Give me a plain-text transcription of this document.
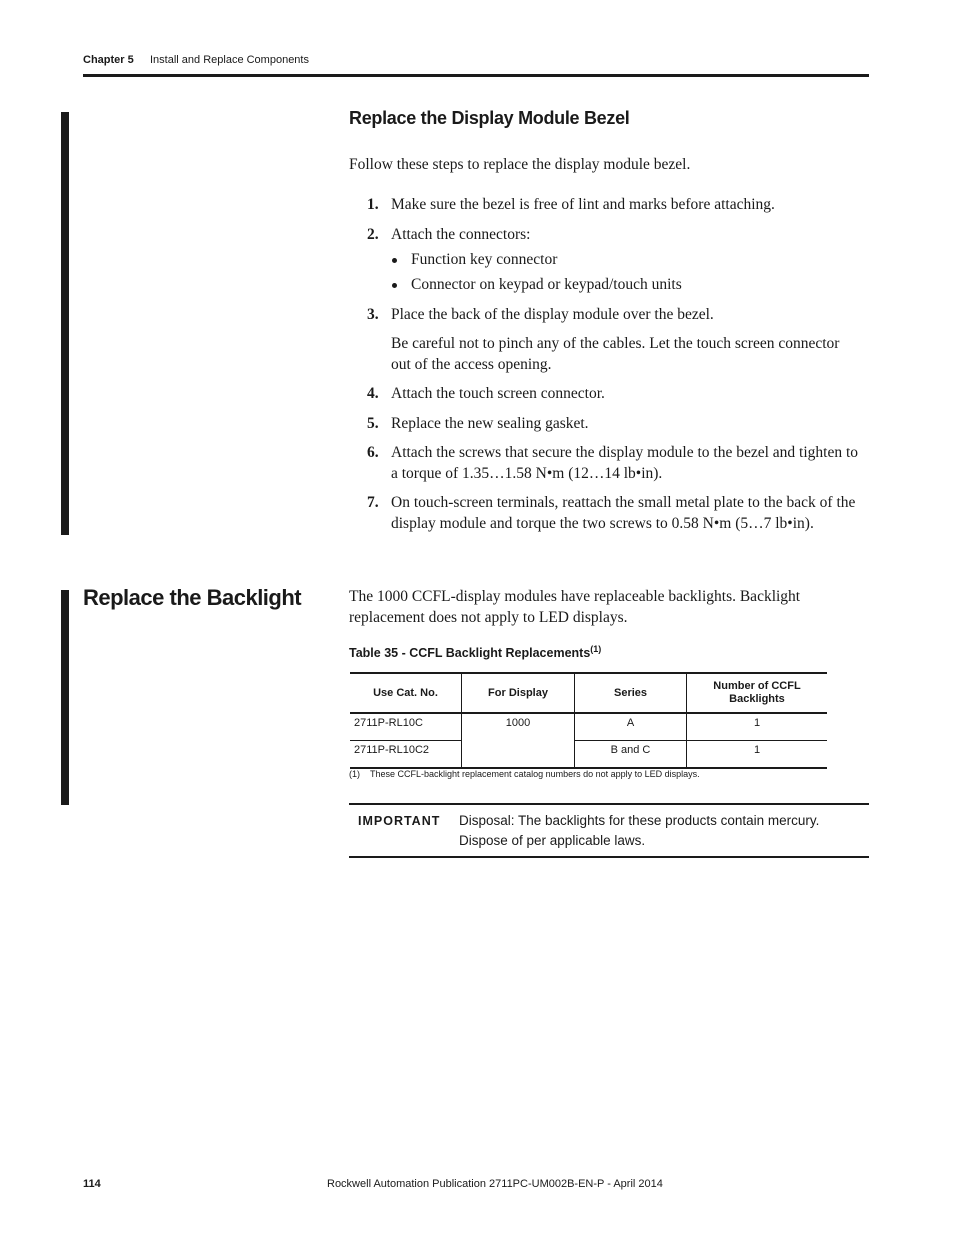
Chapter 5 Install and Replace Components
Replace the Display Module Bezel
Follow these steps to replace the display module bezel.
1. Make sure the bezel is free of lint and marks before attaching.
2. Attach the connectors:
Function key connector
Connector on keypad or keypad/touch units
3. Place the back of the display module over the bezel.
Be careful not to pinch any of the cables. Let the touch screen connector out of the access opening.
4. Attach the touch screen connector.
5. Replace the new sealing gasket.
6. Attach the screws that secure the display module to the bezel and tighten to a torque of 1.35…1.58 N•m (12…14 lb•in).
7. On touch-screen terminals, reattach the small metal plate to the back of the display module and torque the two screws to 0.58 N•m (5…7 lb•in).
Replace the Backlight	The 1000 CCFL-display modules have replaceable backlights. Backlight replacement does not apply to LED displays.
Table 35 - CCFL Backlight Replacements$^{(1)}$
Use Cat. No.	For Display	Series	Number of CCFL Backlights
2711P-RL10C	1000	A	1
2711P-RL10C2		B and C	1
(1) These CCFL-backlight replacement catalog numbers do not apply to LED displays.
IMPORTANT Disposal: The backlights for these products contain mercury. Dispose of per applicable laws.
114	Rockwell Automation Publication 2711PC-UM002B-EN-P - April 2014
